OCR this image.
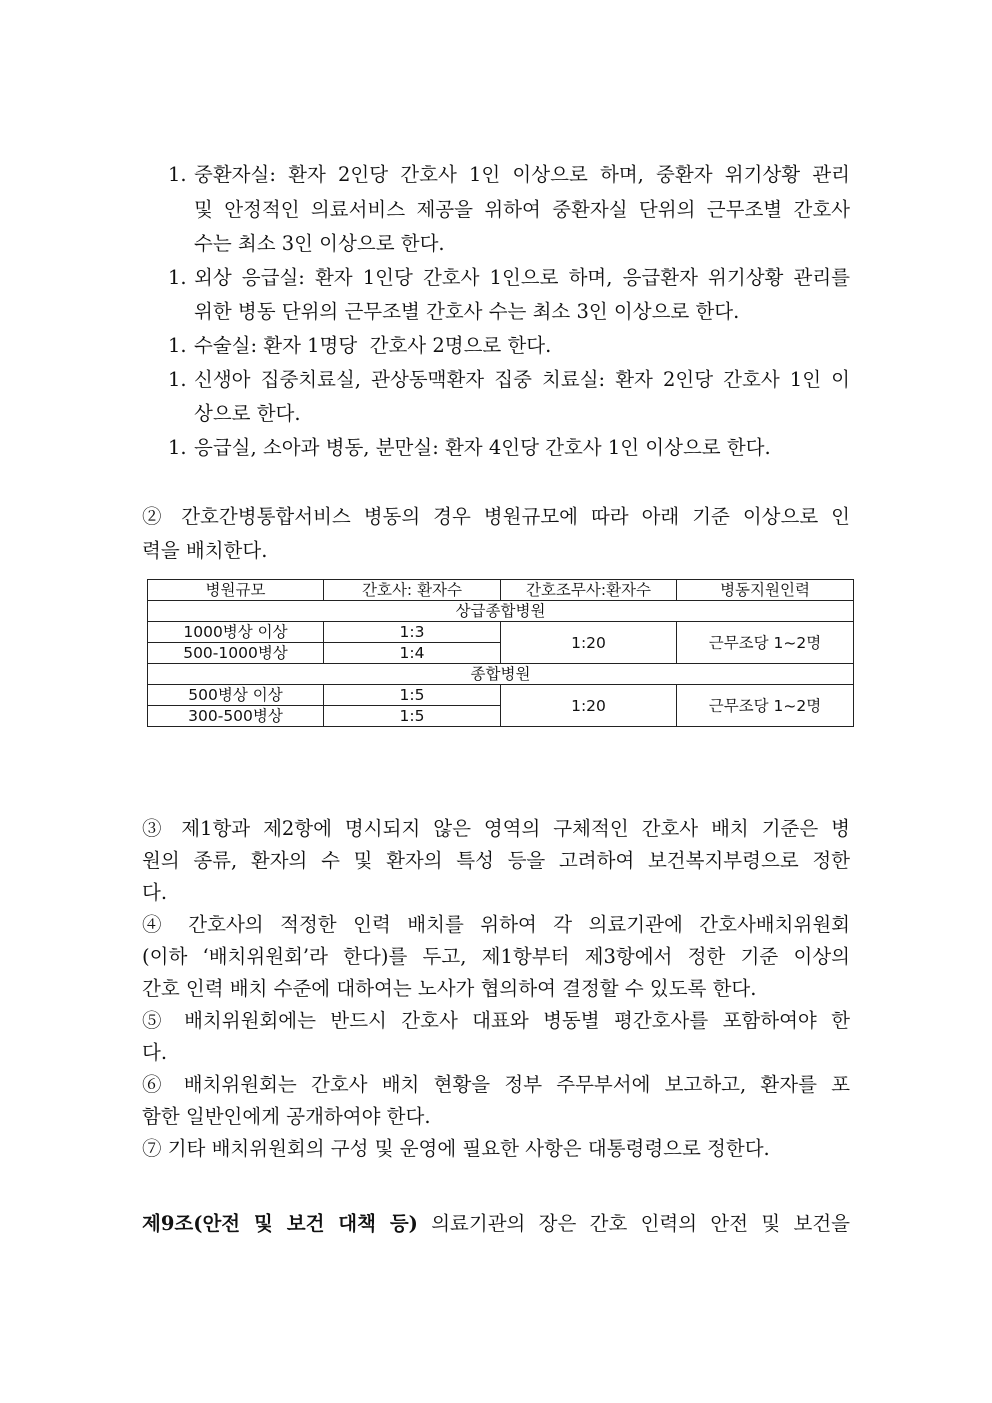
1. 중환자실: 환자 2인당 간호사 1인 이상으로 하며, 중환자 위기상황 관리
및 안정적인 의료서비스 제공을 위하여 중환자실 단위의 근무조별 간호사
수는 최소 3인 이상으로 한다.
1. 외상 응급실: 환자 1인당 간호사 1인으로 하며, 응급환자 위기상황 관리를
위한 병동 단위의 근무조별 간호사 수는 최소 3인 이상으로 한다.
1. 수술실: 환자 1명당  간호사 2명으로 한다.
1. 신생아 집중치료실, 관상동맥환자 집중 치료실: 환자 2인당 간호사 1인 이
상으로 한다.
1. 응급실, 소아과 병동, 분만실: 환자 4인당 간호사 1인 이상으로 한다.
② 간호간병통합서비스 병동의 경우 병원규모에 따라 아래 기준 이상으로 인
력을 배치한다.
병원규모	간호사: 환자수	간호조무사:환자수	병동지원인력
상급종합병원			
1000병상 이상	1:3	1:20	근무조당 1~2명
500-1000병상	1:4		
종합병원			
500병상 이상	1:5	1:20	근무조당 1~2명
300-500병상	1:5		
③ 제1항과 제2항에 명시되지 않은 영역의 구체적인 간호사 배치 기준은 병
원의 종류, 환자의 수 및 환자의 특성 등을 고려하여 보건복지부령으로 정한
다.
④ 간호사의 적정한 인력 배치를 위하여 각 의료기관에 간호사배치위원회
(이하 ‘배치위원회’라 한다)를 두고, 제1항부터 제3항에서 정한 기준 이상의
간호 인력 배치 수준에 대하여는 노사가 협의하여 결정할 수 있도록 한다.
⑤ 배치위원회에는 반드시 간호사 대표와 병동별 평간호사를 포함하여야 한
다.
⑥ 배치위원회는 간호사 배치 현황을 정부 주무부서에 보고하고, 환자를 포
함한 일반인에게 공개하여야 한다.
⑦ 기타 배치위원회의 구성 및 운영에 필요한 사항은 대통령령으로 정한다.
제9조(안전 및 보건 대책 등) 의료기관의 장은 간호 인력의 안전 및 보건을
